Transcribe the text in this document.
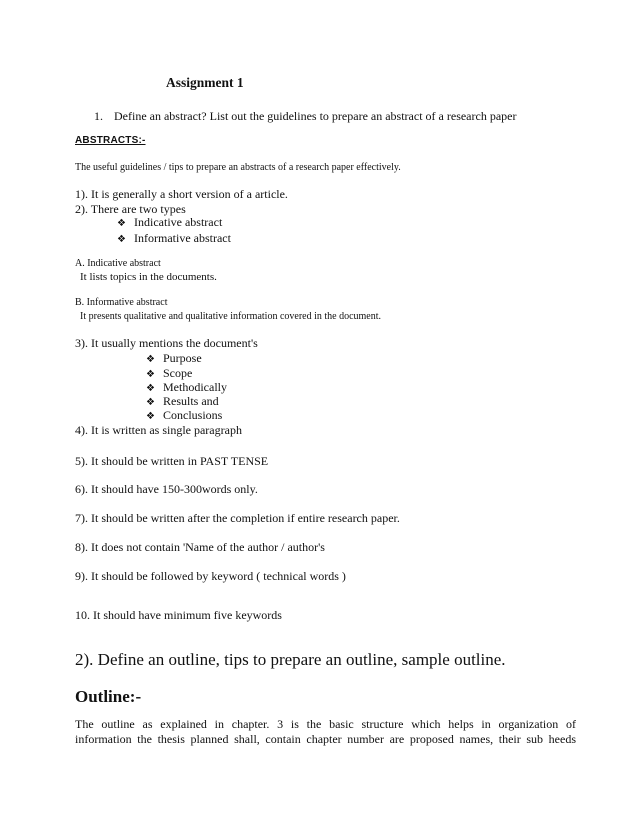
Assignment 1
1. Define an abstract? List out the guidelines to prepare an abstract of a research paper
ABSTRACTS:-
The useful guidelines / tips to prepare an abstracts of a research paper effectively.
1). It is generally a short version of a article.
2). There are two types
❖ Indicative abstract
❖ Informative abstract
A. Indicative abstract
It lists topics in the documents.
B. Informative abstract
It presents qualitative and qualitative information covered in the document.
3). It usually mentions the document's
❖ Purpose
❖ Scope
❖ Methodically
❖ Results and
❖ Conclusions
4). It is written as single paragraph
5). It should be written in PAST TENSE
6). It should have 150-300words only.
7). It should be written after the completion if entire research paper.
8). It does not contain 'Name of the author / author's
9). It should be followed by keyword ( technical words )
10. It should have minimum five keywords
2). Define an outline, tips to prepare an outline, sample outline.
Outline:-
The outline as explained in chapter. 3 is the basic structure which helps in organization of
information the thesis planned shall, contain chapter number are proposed names, their sub heeds
